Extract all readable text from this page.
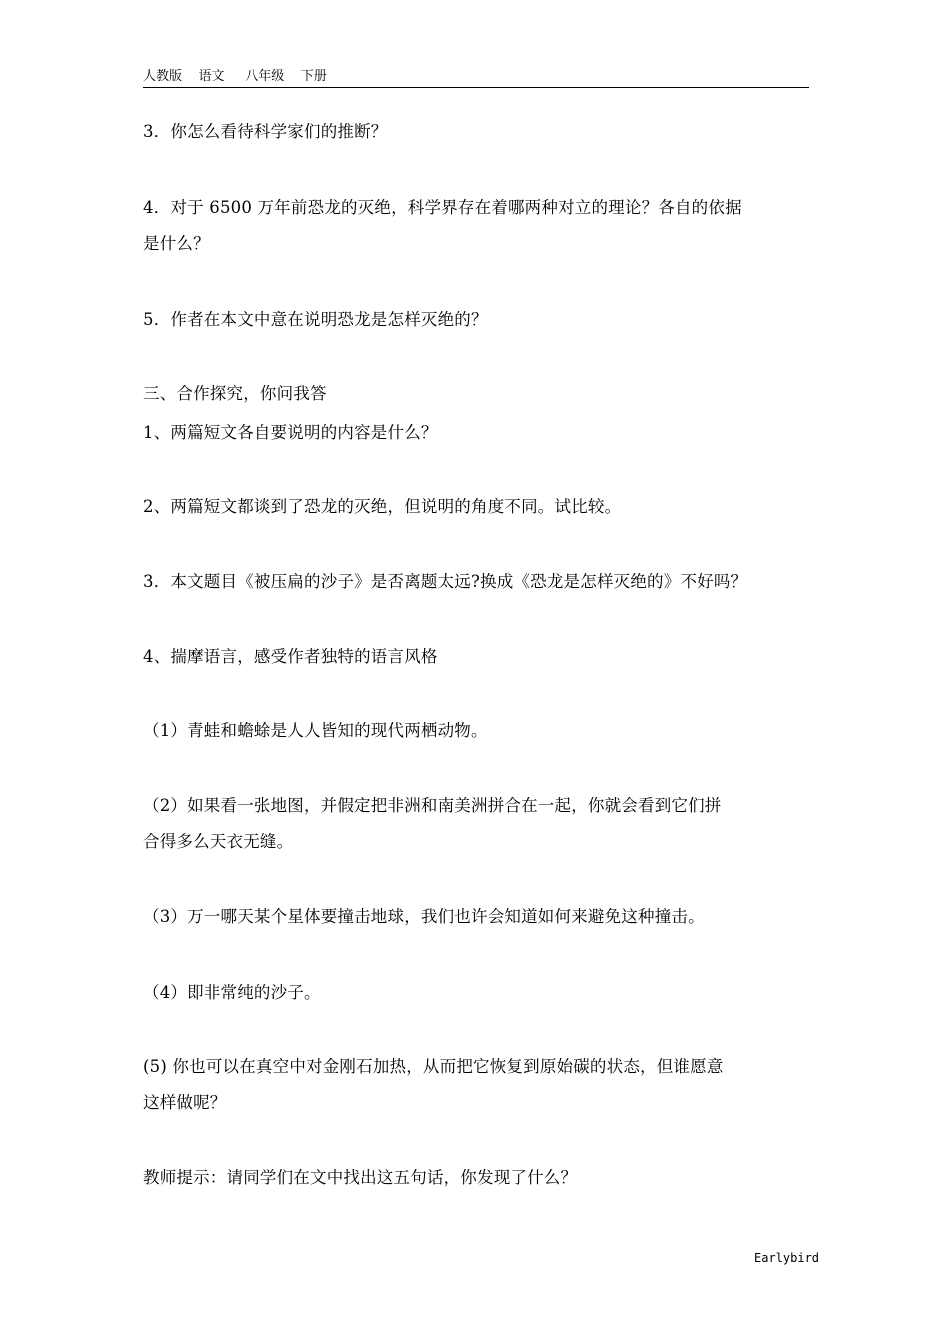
人教版    语文     八年级    下册
3．你怎么看待科学家们的推断？
4．对于 6500 万年前恐龙的灭绝，科学界存在着哪两种对立的理论？各自的依据
是什么？
5．作者在本文中意在说明恐龙是怎样灭绝的？
三、合作探究，你问我答
1、两篇短文各自要说明的内容是什么？
2、两篇短文都谈到了恐龙的灭绝，但说明的角度不同。试比较。
3．本文题目《被压扁的沙子》是否离题太远?换成《恐龙是怎样灭绝的》不好吗？
4、揣摩语言，感受作者独特的语言风格
（1）青蛙和蟾蜍是人人皆知的现代两栖动物。
（2）如果看一张地图，并假定把非洲和南美洲拼合在一起，你就会看到它们拼
合得多么天衣无缝。
（3）万一哪天某个星体要撞击地球，我们也许会知道如何来避免这种撞击。
（4）即非常纯的沙子。
(5) 你也可以在真空中对金刚石加热，从而把它恢复到原始碳的状态，但谁愿意
这样做呢？
教师提示：请同学们在文中找出这五句话，你发现了什么？
Earlybird
